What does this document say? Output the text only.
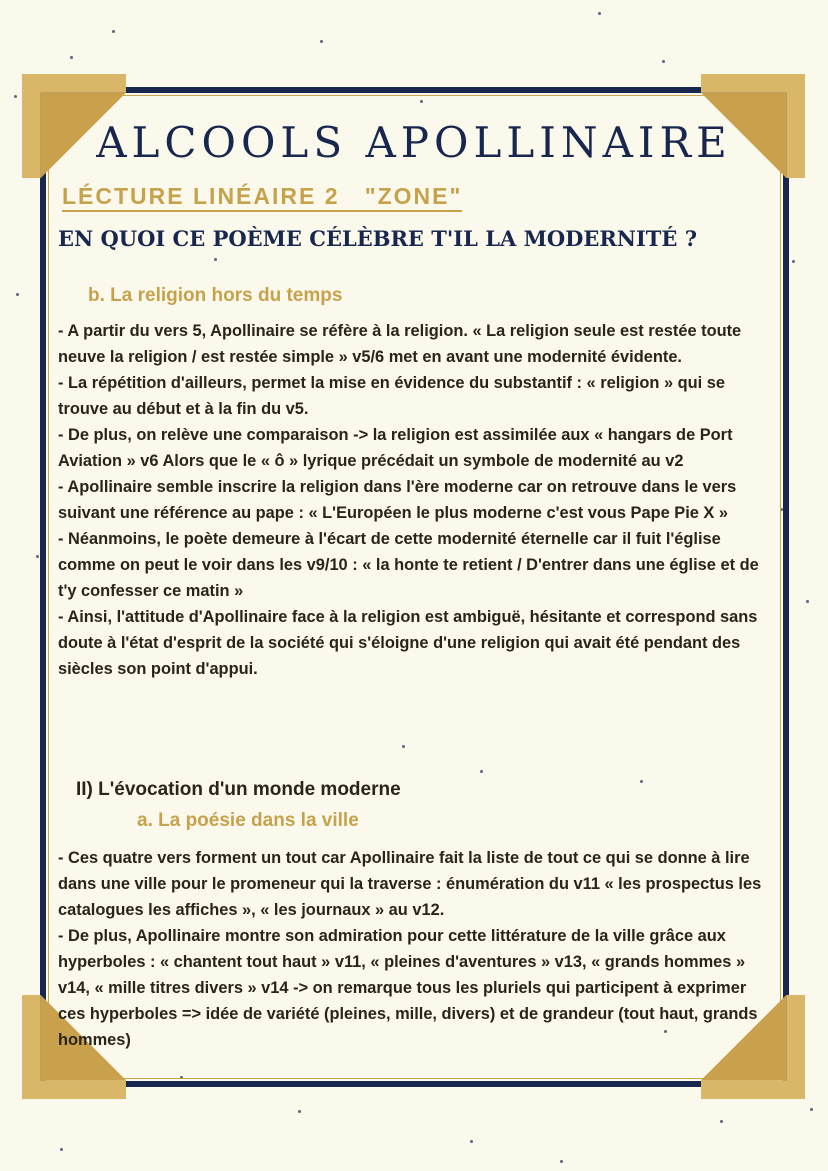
ALCOOLS APOLLINAIRE
LÉCTURE LINÉAIRE 2   "ZONE"
EN QUOI CE POÈME CÉLÈBRE T'IL LA MODERNITÉ ?
b. La religion hors du temps

- A partir du vers 5, Apollinaire se réfère à la religion. « La religion seule est restée toute neuve la religion / est restée simple » v5/6 met en avant une modernité évidente.

- La répétition d'ailleurs, permet la mise en évidence du substantif : « religion » qui se trouve au début et à la fin du v5.

- De plus, on relève une comparaison -> la religion est assimilée aux « hangars de Port Aviation » v6 Alors que le « ô » lyrique précédait un symbole de modernité au v2

- Apollinaire semble inscrire la religion dans l'ère moderne car on retrouve dans le vers suivant une référence au pape : « L'Européen le plus moderne c'est vous Pape Pie X »

- Néanmoins, le poète demeure à l'écart de cette modernité éternelle car il fuit l'église comme on peut le voir dans les v9/10 : « la honte te retient / D'entrer dans une église et de t'y confesser ce matin »

- Ainsi, l'attitude d'Apollinaire face à la religion est ambiguë, hésitante et correspond sans doute à l'état d'esprit de la société qui s'éloigne d'une religion qui avait été pendant des siècles son point d'appui.

II) L'évocation d'un monde moderne
a. La poésie dans la ville

- Ces quatre vers forment un tout car Apollinaire fait la liste de tout ce qui se donne à lire dans une ville pour le promeneur qui la traverse : énumération du v11 « les prospectus les catalogues les affiches », « les journaux » au v12.

- De plus, Apollinaire montre son admiration pour cette littérature de la ville grâce aux hyperboles : « chantent tout haut » v11, « pleines d'aventures » v13, « grands hommes » v14, « mille titres divers » v14 -> on remarque tous les pluriels qui participent à exprimer ces hyperboles => idée de variété (pleines, mille, divers) et de grandeur (tout haut, grands hommes)
